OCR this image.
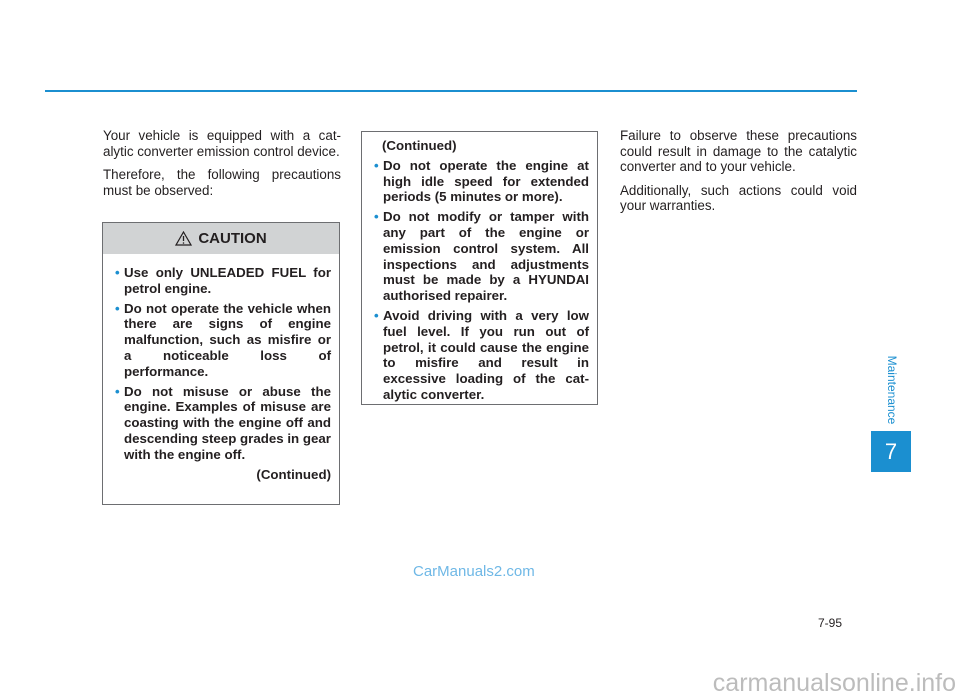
Your vehicle is equipped with a cat-alytic converter emission control device.

Therefore, the following precautions must be observed:

CAUTION
• Use only UNLEADED FUEL for petrol engine.
• Do not operate the vehicle when there are signs of engine malfunction, such as misfire or a noticeable loss of performance.
• Do not misuse or abuse the engine. Examples of misuse are coasting with the engine off and descending steep grades in gear with the engine off.
(Continued)
(Continued)
• Do not operate the engine at high idle speed for extended periods (5 minutes or more).
• Do not modify or tamper with any part of the engine or emission control system. All inspections and adjustments must be made by a HYUNDAI authorised repairer.
• Avoid driving with a very low fuel level. If you run out of petrol, it could cause the engine to misfire and result in excessive loading of the cat-alytic converter.

Failure to observe these precautions could result in damage to the catalytic converter and to your vehicle.

Additionally, such actions could void your warranties.

Maintenance
7
7-95
CarManuals2.com
carmanualsonline.info
